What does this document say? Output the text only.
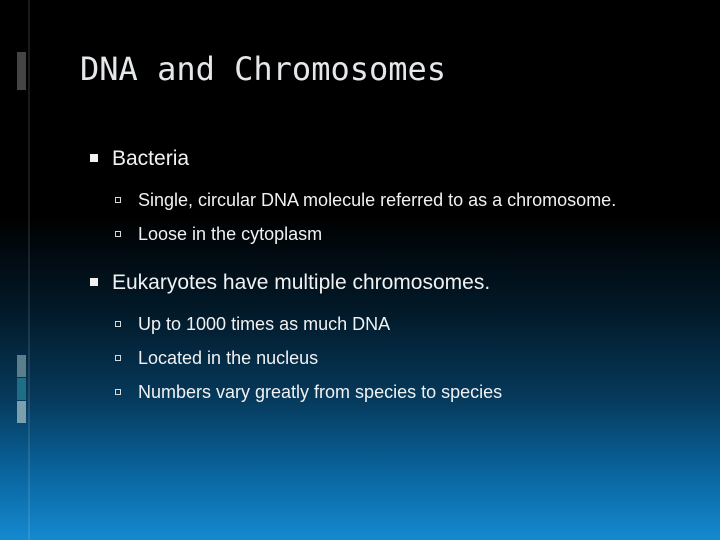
DNA and Chromosomes
Bacteria
Single, circular DNA molecule referred to as a chromosome.
Loose in the cytoplasm
Eukaryotes have multiple chromosomes.
Up to 1000 times as much DNA
Located in the nucleus
Numbers vary greatly from species to species
